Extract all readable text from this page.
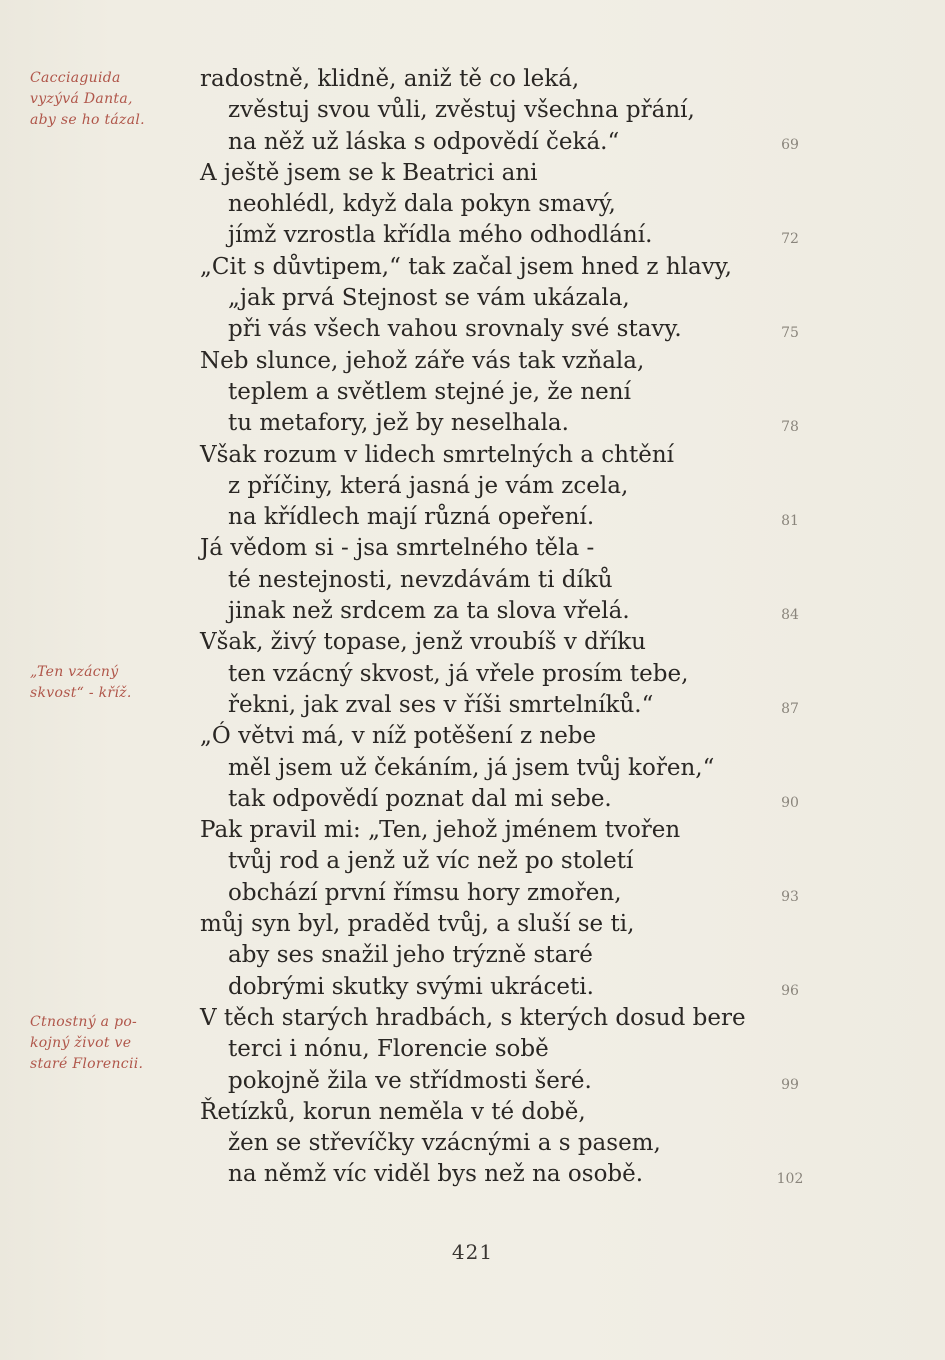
Cacciaguida
vyzývá Danta,
aby se ho tázal.
„Ten vzácný
skvost“ - kříž.
Ctnostný a po-
kojný život ve
staré Florencii.
radostně, klidně, aniž tě co leká,
zvěstuj svou vůli, zvěstuj všechna přání,
na něž už láska s odpovědí čeká.“
A ještě jsem se k Beatrici ani
neohlédl, když dala pokyn smavý,
jímž vzrostla křídla mého odhodlání.
„Cit s důvtipem,“ tak začal jsem hned z hlavy,
„jak prvá Stejnost se vám ukázala,
při vás všech vahou srovnaly své stavy.
Neb slunce, jehož záře vás tak vzňala,
teplem a světlem stejné je, že není
tu metafory, jež by neselhala.
Však rozum v lidech smrtelných a chtění
z příčiny, která jasná je vám zcela,
na křídlech mají různá opeření.
Já vědom si - jsa smrtelného těla -
té nestejnosti, nevzdávám ti díků
jinak než srdcem za ta slova vřelá.
Však, živý topase, jenž vroubíš v dříku
ten vzácný skvost, já vřele prosím tebe,
řekni, jak zval ses v říši smrtelníků.“
„Ó větvi má, v níž potěšení z nebe
měl jsem už čekáním, já jsem tvůj kořen,“
tak odpovědí poznat dal mi sebe.
Pak pravil mi: „Ten, jehož jménem tvořen
tvůj rod a jenž už víc než po století
obchází první římsu hory zmořen,
můj syn byl, praděd tvůj, a sluší se ti,
aby ses snažil jeho trýzně staré
dobrými skutky svými ukráceti.
V těch starých hradbách, s kterých dosud bere
terci i nónu, Florencie sobě
pokojně žila ve střídmosti šeré.
Řetízků, korun neměla v té době,
žen se střevíčky vzácnými a s pasem,
na němž víc viděl bys než na osobě.
69
72
75
78
81
84
87
90
93
96
99
102
421
